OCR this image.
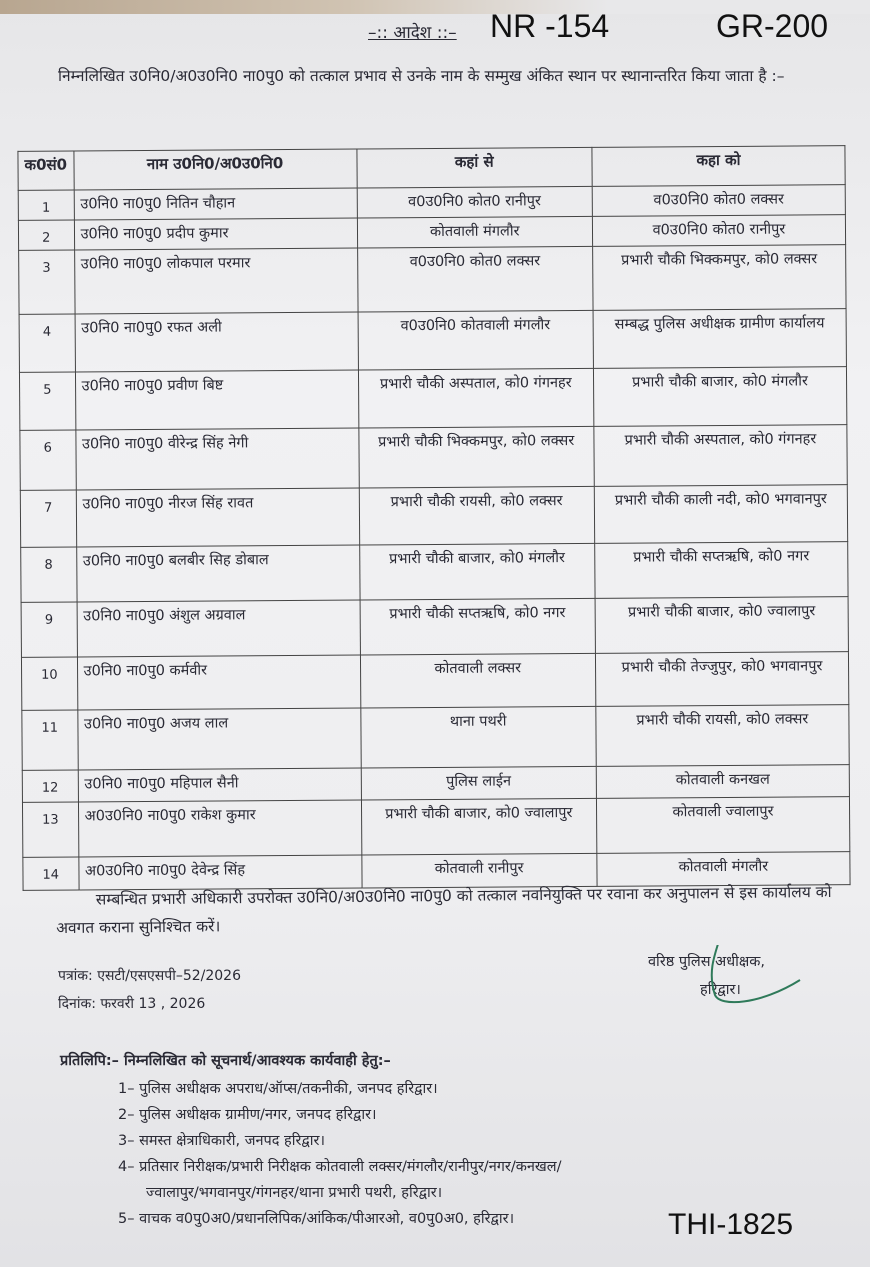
–:: आदेश ::– NR -154	GR-200
निम्नलिखित उ0नि0/अ0उ0नि0 ना0पु0 को तत्काल प्रभाव से उनके नाम के सम्मुख अंकित स्थान पर स्थानान्तरित किया जाता है :–
क0सं0	नाम उ0नि0/अ0उ0नि0	कहां से	कहा को
1	उ0नि0 ना0पु0 नितिन चौहान	व0उ0नि0 कोत0 रानीपुर	व0उ0नि0 कोत0 लक्सर
2	उ0नि0 ना0पु0 प्रदीप कुमार	कोतवाली मंगलौर	व0उ0नि0 कोत0 रानीपुर
3	उ0नि0 ना0पु0 लोकपाल परमार	व0उ0नि0 कोत0 लक्सर	प्रभारी चौकी भिक्कमपुर, को0 लक्सर
4	उ0नि0 ना0पु0 रफत अली	व0उ0नि0 कोतवाली मंगलौर	सम्बद्ध पुलिस अधीक्षक ग्रामीण कार्यालय
5	उ0नि0 ना0पु0 प्रवीण बिष्ट	प्रभारी चौकी अस्पताल, को0 गंगनहर	प्रभारी चौकी बाजार, को0 मंगलौर
6	उ0नि0 ना0पु0 वीरेन्द्र सिंह नेगी	प्रभारी चौकी भिक्कमपुर, को0 लक्सर	प्रभारी चौकी अस्पताल, को0 गंगनहर
7	उ0नि0 ना0पु0 नीरज सिंह रावत	प्रभारी चौकी रायसी, को0 लक्सर	प्रभारी चौकी काली नदी, को0 भगवानपुर
8	उ0नि0 ना0पु0 बलबीर सिह डोबाल	प्रभारी चौकी बाजार, को0 मंगलौर	प्रभारी चौकी सप्तऋषि, को0 नगर
9	उ0नि0 ना0पु0 अंशुल अग्रवाल	प्रभारी चौकी सप्तऋषि, को0 नगर	प्रभारी चौकी बाजार, को0 ज्वालापुर
10	उ0नि0 ना0पु0 कर्मवीर	कोतवाली लक्सर	प्रभारी चौकी तेज्जुपुर, को0 भगवानपुर
11	उ0नि0 ना0पु0 अजय लाल	थाना पथरी	प्रभारी चौकी रायसी, को0 लक्सर
12	उ0नि0 ना0पु0 महिपाल सैनी	पुलिस लाईन	कोतवाली कनखल
13	अ0उ0नि0 ना0पु0 राकेश कुमार	प्रभारी चौकी बाजार, को0 ज्वालापुर	कोतवाली ज्वालापुर
14	अ0उ0नि0 ना0पु0 देवेन्द्र सिंह	कोतवाली रानीपुर	कोतवाली मंगलौर
सम्बन्धित प्रभारी अधिकारी उपरोक्त उ0नि0/अ0उ0नि0 ना0पु0 को तत्काल नवनियुक्ति पर रवाना कर अनुपालन से इस कार्यालय को अवगत कराना सुनिश्चित करें।
पत्रांक: एसटी/एसएसपी–52/2026
दिनांक: फरवरी 13 , 2026
वरिष्ठ पुलिस अधीक्षक,
हरिद्वार।
प्रतिलिपि:– निम्नलिखित को सूचनार्थ/आवश्यक कार्यवाही हेतु:–
1– पुलिस अधीक्षक अपराध/ऑप्स/तकनीकी, जनपद हरिद्वार।
2– पुलिस अधीक्षक ग्रामीण/नगर, जनपद हरिद्वार।
3– समस्त क्षेत्राधिकारी, जनपद हरिद्वार।
4– प्रतिसार निरीक्षक/प्रभारी निरीक्षक कोतवाली लक्सर/मंगलौर/रानीपुर/नगर/कनखल/
ज्वालापुर/भगवानपुर/गंगनहर/थाना प्रभारी पथरी, हरिद्वार।
5– वाचक व0पु0अ0/प्रधानलिपिक/आंकिक/पीआरओ, व0पु0अ0, हरिद्वार।	THI-1825
